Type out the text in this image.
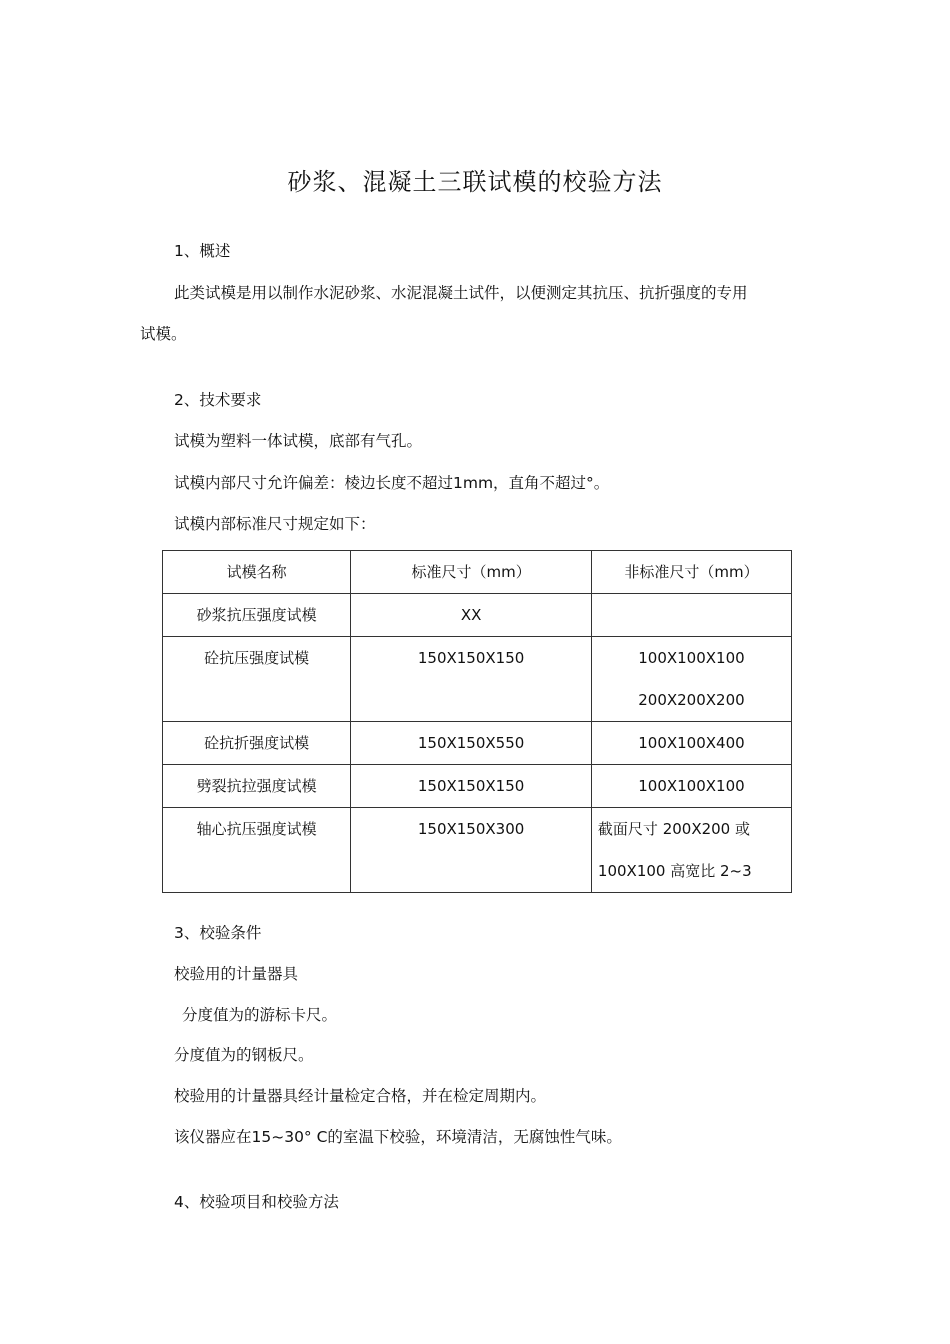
砂浆、混凝土三联试模的校验方法
1、概述
此类试模是用以制作水泥砂浆、水泥混凝土试件，以便测定其抗压、抗折强度的专用
试模。
2、技术要求
试模为塑料一体试模，底部有气孔。
试模内部尺寸允许偏差：棱边长度不超过1mm，直角不超过°。
试模内部标准尺寸规定如下：
试模名称	标准尺寸（mm）	非标准尺寸（mm）
砂浆抗压强度试模	XX	
砼抗压强度试模	150X150X150	100X100X100
200X200X200

砼抗折强度试模	150X150X550	100X100X400
劈裂抗拉强度试模	150X150X150	100X100X100
轴心抗压强度试模	150X150X300	截面尺寸 200X200 或
100X100 高宽比 2~3
3、校验条件
校验用的计量器具
分度值为的游标卡尺。
分度值为的钢板尺。
校验用的计量器具经计量检定合格，并在检定周期内。
该仪器应在15~30° C的室温下校验，环境清洁，无腐蚀性气味。
4、校验项目和校验方法
